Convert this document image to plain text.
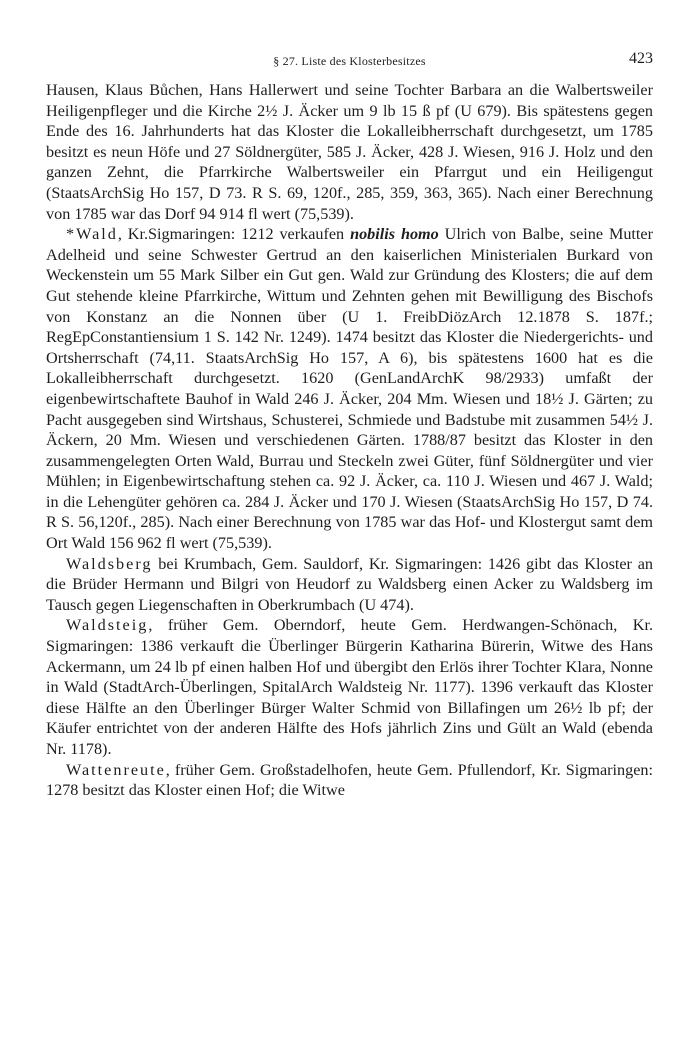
§ 27. Liste des Klosterbesitzes	423

Hausen, Klaus Bůchen, Hans Hallerwert und seine Tochter Barbara an die Walbertsweiler Heiligenpfleger und die Kirche 2½ J. Äcker um 9 lb 15 ß pf (U 679). Bis spätestens gegen Ende des 16. Jahrhunderts hat das Kloster die Lokalleibherrschaft durchgesetzt, um 1785 besitzt es neun Höfe und 27 Söldnergüter, 585 J. Äcker, 428 J. Wiesen, 916 J. Holz und den ganzen Zehnt, die Pfarrkirche Walbertsweiler ein Pfarrgut und ein Heiligengut (StaatsArchSig Ho 157, D 73. R S. 69, 120f., 285, 359, 363, 365). Nach einer Berechnung von 1785 war das Dorf 94 914 fl wert (75,539).

*Wald, Kr.Sigmaringen: 1212 verkaufen nobilis homo Ulrich von Balbe, seine Mutter Adelheid und seine Schwester Gertrud an den kaiserlichen Ministerialen Burkard von Weckenstein um 55 Mark Silber ein Gut gen. Wald zur Gründung des Klosters; die auf dem Gut stehende kleine Pfarrkirche, Wittum und Zehnten gehen mit Bewilligung des Bischofs von Konstanz an die Nonnen über (U 1. FreibDiözArch 12.1878 S. 187f.; RegEpConstantiensium 1 S. 142 Nr. 1249). 1474 besitzt das Kloster die Niedergerichts- und Ortsherrschaft (74,11. StaatsArchSig Ho 157, A 6), bis spätestens 1600 hat es die Lokalleibherrschaft durchgesetzt. 1620 (GenLandArchK 98/2933) umfaßt der eigenbewirtschaftete Bauhof in Wald 246 J. Äcker, 204 Mm. Wiesen und 18½ J. Gärten; zu Pacht ausgegeben sind Wirtshaus, Schusterei, Schmiede und Badstube mit zusammen 54½ J. Äckern, 20 Mm. Wiesen und verschiedenen Gärten. 1788/87 besitzt das Kloster in den zusammengelegten Orten Wald, Burrau und Steckeln zwei Güter, fünf Söldnergüter und vier Mühlen; in Eigenbewirtschaftung stehen ca. 92 J. Äcker, ca. 110 J. Wiesen und 467 J. Wald; in die Lehengüter gehören ca. 284 J. Äcker und 170 J. Wiesen (StaatsArchSig Ho 157, D 74. R S. 56,120f., 285). Nach einer Berechnung von 1785 war das Hof- und Klostergut samt dem Ort Wald 156 962 fl wert (75,539).

Waldsberg bei Krumbach, Gem. Sauldorf, Kr. Sigmaringen: 1426 gibt das Kloster an die Brüder Hermann und Bilgri von Heudorf zu Waldsberg einen Acker zu Waldsberg im Tausch gegen Liegenschaften in Oberkrumbach (U 474).

Waldsteig, früher Gem. Oberndorf, heute Gem. Herdwangen-Schönach, Kr. Sigmaringen: 1386 verkauft die Überlinger Bürgerin Katharina Bürerin, Witwe des Hans Ackermann, um 24 lb pf einen halben Hof und übergibt den Erlös ihrer Tochter Klara, Nonne in Wald (StadtArch-Überlingen, SpitalArch Waldsteig Nr. 1177). 1396 verkauft das Kloster diese Hälfte an den Überlinger Bürger Walter Schmid von Billafingen um 26½ lb pf; der Käufer entrichtet von der anderen Hälfte des Hofs jährlich Zins und Gült an Wald (ebenda Nr. 1178).

Wattenreute, früher Gem. Großstadelhofen, heute Gem. Pfullendorf, Kr. Sigmaringen: 1278 besitzt das Kloster einen Hof; die Witwe
